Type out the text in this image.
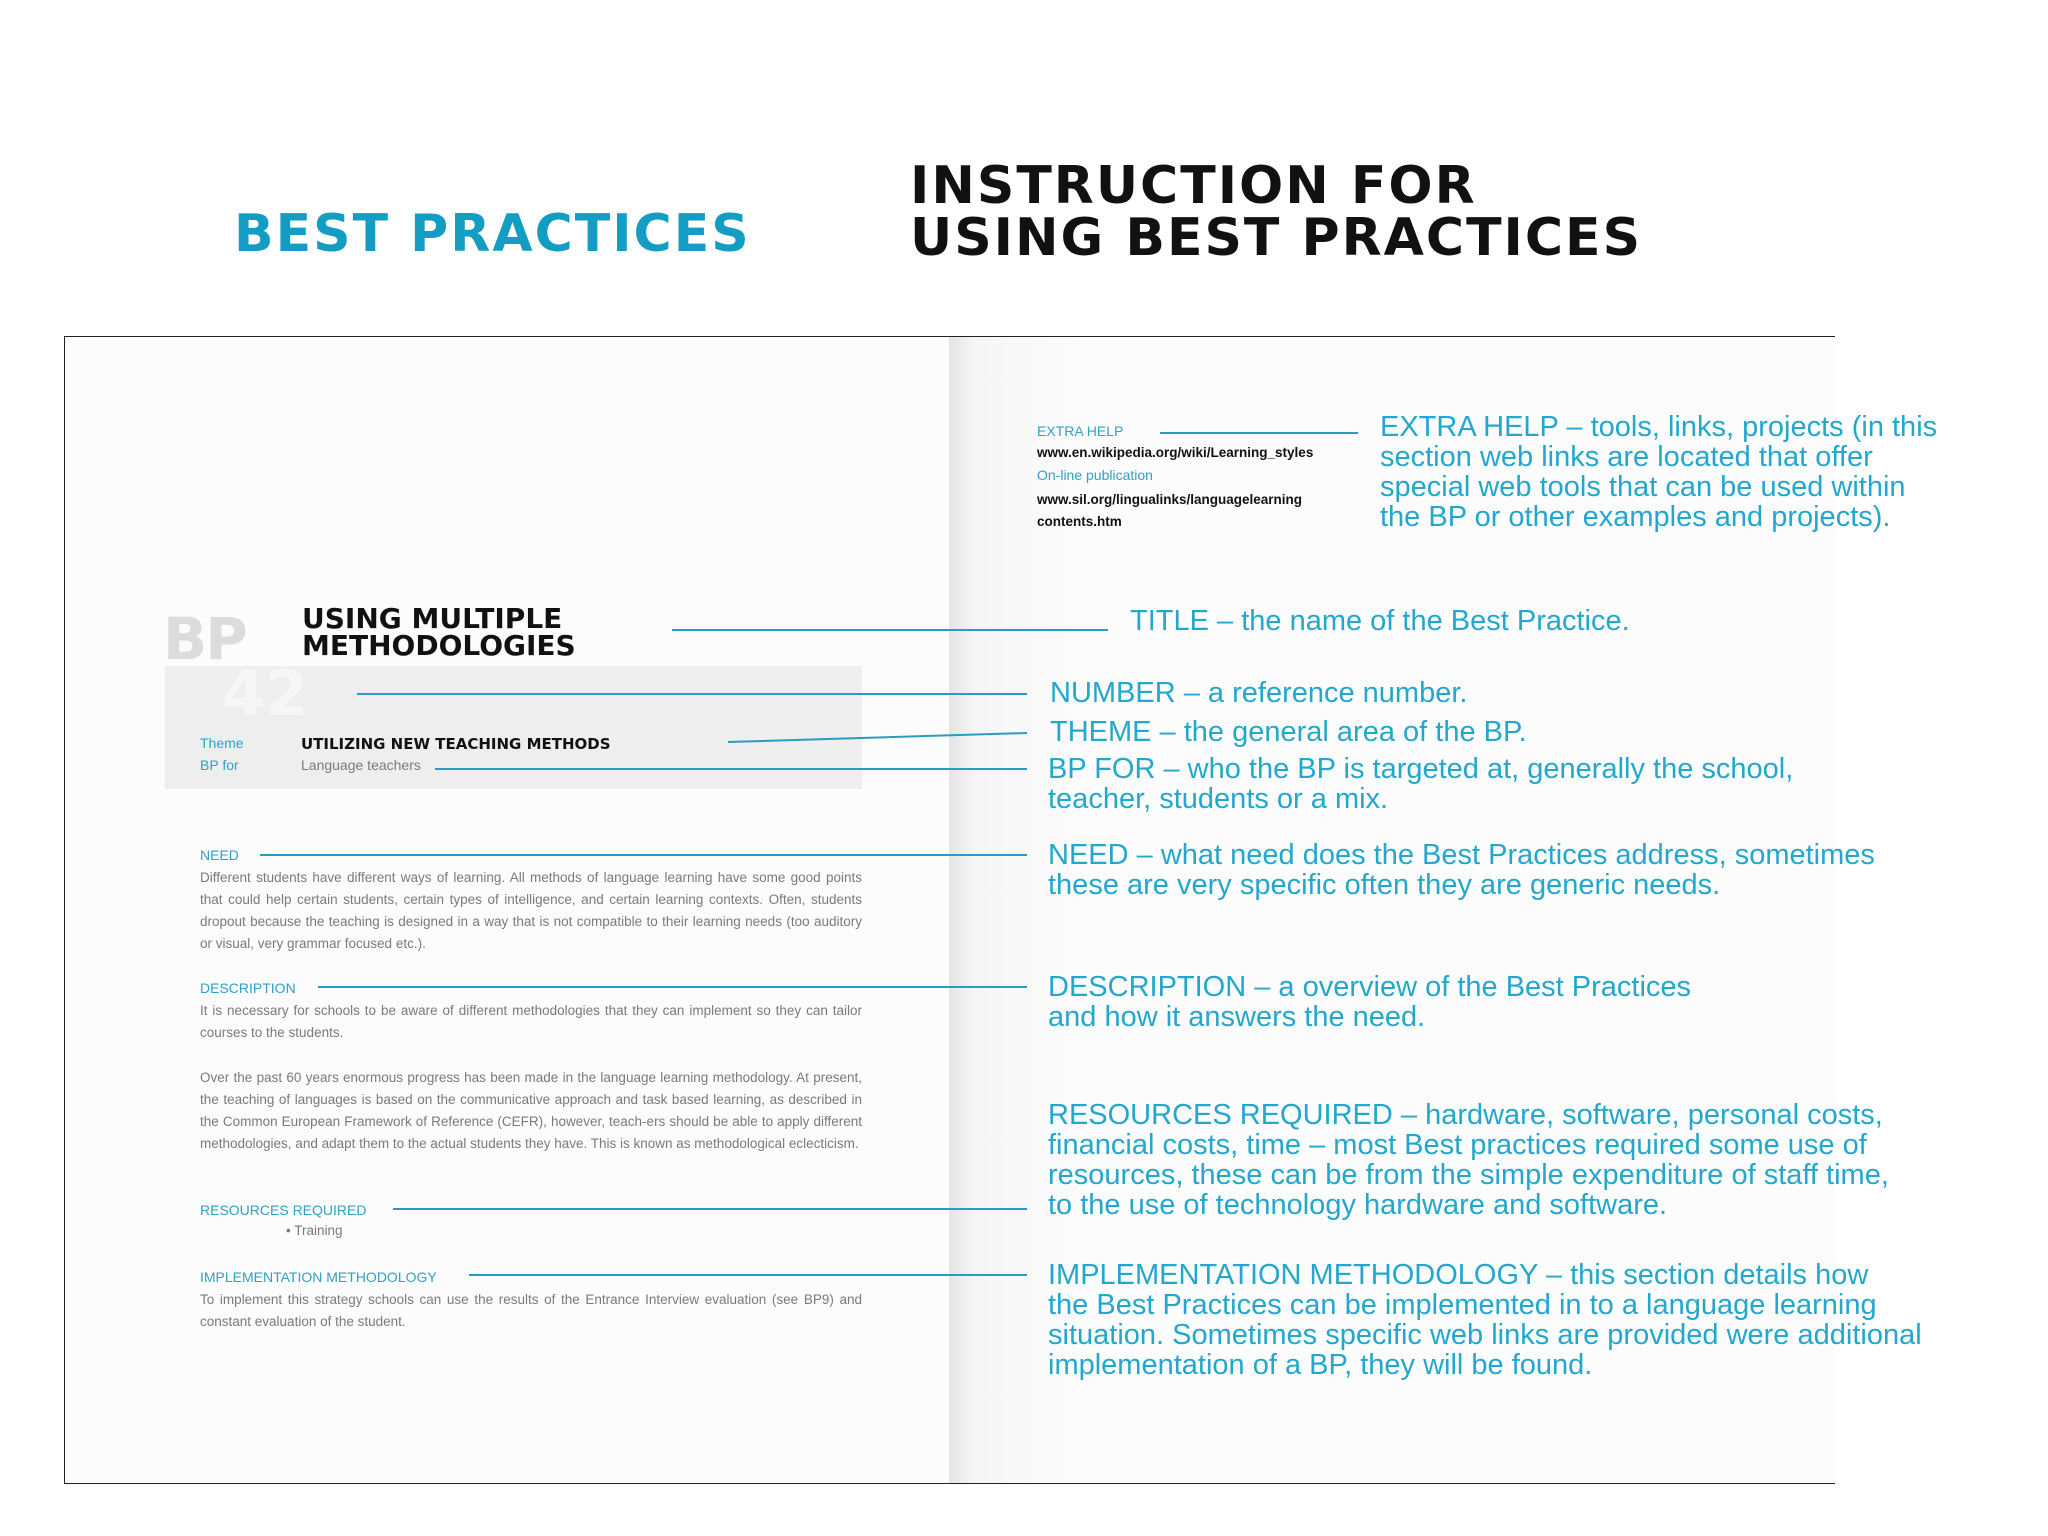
BEST PRACTICES
INSTRUCTION FOR
USING BEST PRACTICES
BP
42
USING MULTIPLE
METHODOLOGIES
Theme	UTILIZING NEW TEACHING METHODS
BP for	Language teachers
NEED
Different students have different ways of learning. All methods of language learning have some good points that could help certain students, certain types of intelligence, and certain learning contexts. Often, students dropout because the teaching is designed in a way that is not compatible to their learning needs (too auditory or visual, very grammar focused etc.).
DESCRIPTION
It is necessary for schools to be aware of different methodologies that they can implement so they can tailor courses to the students.
Over the past 60 years enormous progress has been made in the language learning methodology. At present, the teaching of languages is based on the communicative approach and task based learning, as described in the Common European Framework of Reference (CEFR), however, teach-ers should be able to apply different methodologies, and adapt them to the actual students they have. This is known as methodological eclecticism.
RESOURCES REQUIRED
• Training
IMPLEMENTATION METHODOLOGY
To implement this strategy schools can use the results of the Entrance Interview evaluation (see BP9) and constant evaluation of the student.
EXTRA HELP
www.en.wikipedia.org/wiki/Learning_styles
On-line publication
www.sil.org/lingualinks/languagelearning
contents.htm
EXTRA HELP – tools, links, projects (in this
section web links are located that offer
special web tools that can be used within
the BP or other examples and projects).
TITLE – the name of the Best Practice.
NUMBER – a reference number.
THEME – the general area of the BP.
BP FOR – who the BP is targeted at, generally the school,
teacher, students or a mix.
NEED – what need does the Best Practices address, sometimes
these are very specific often they are generic needs.
DESCRIPTION – a overview of the Best Practices
and how it answers the need.
RESOURCES REQUIRED – hardware, software, personal costs,
financial costs, time – most Best practices required some use of
resources, these can be from the simple expenditure of staff time,
to the use of technology hardware and software.
IMPLEMENTATION METHODOLOGY – this section details how
the Best Practices can be implemented in to a language learning
situation. Sometimes specific web links are provided were additional
implementation of a BP, they will be found.
